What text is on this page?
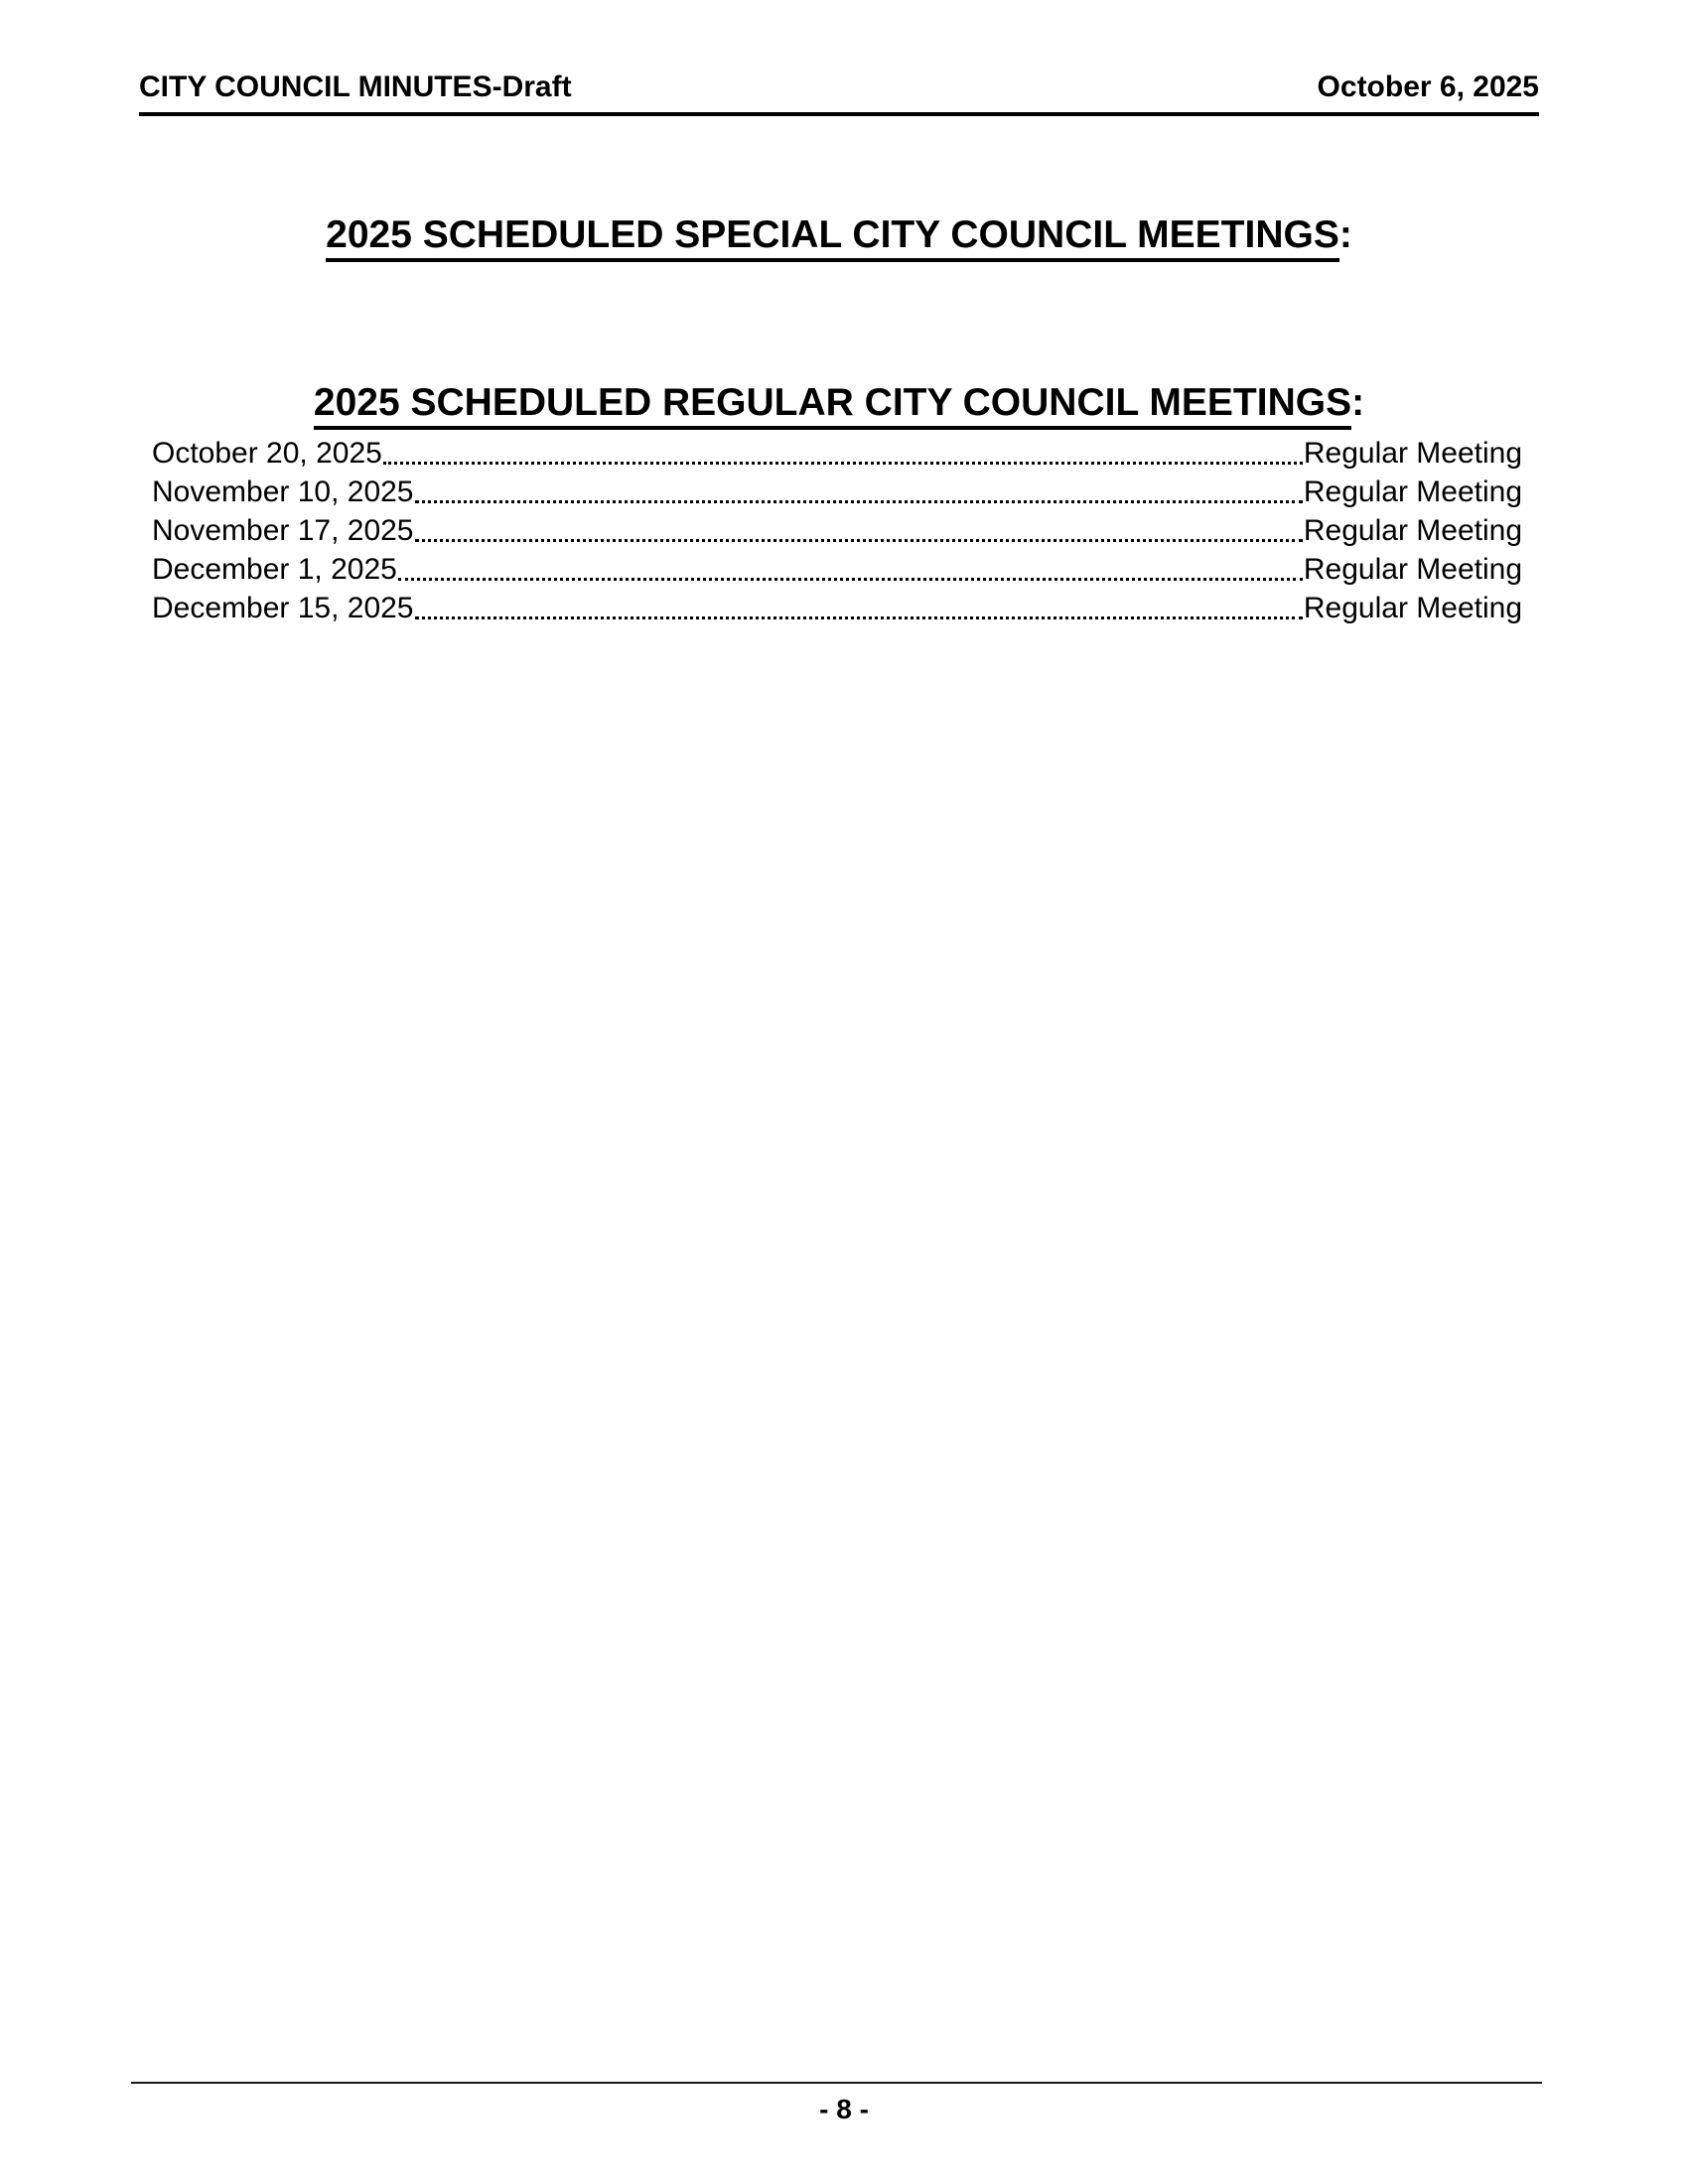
CITY COUNCIL MINUTES-Draft	October 6, 2025
2025 SCHEDULED SPECIAL CITY COUNCIL MEETINGS:
2025 SCHEDULED REGULAR CITY COUNCIL MEETINGS:
October 20, 2025	Regular Meeting
November 10, 2025	Regular Meeting
November 17, 2025	Regular Meeting
December 1, 2025	Regular Meeting
December 15, 2025	Regular Meeting
- 8 -
